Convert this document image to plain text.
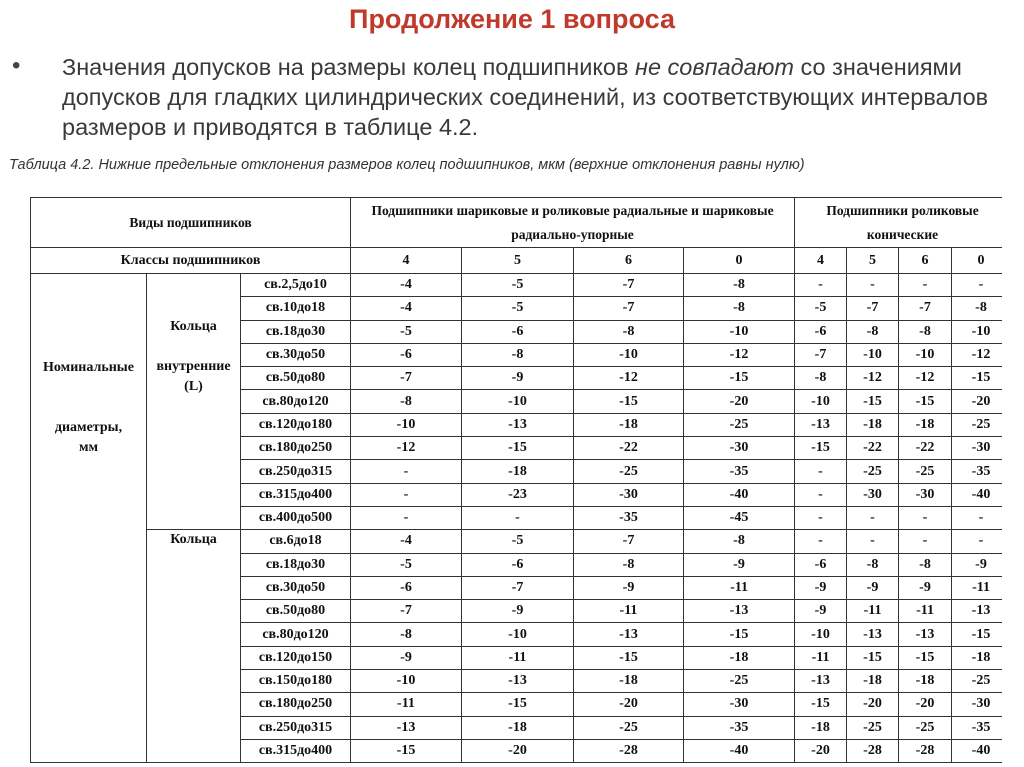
Продолжение 1 вопроса
• Значения допусков на размеры колец подшипников не совпадают со значениями допусков для гладких цилиндрических соединений, из соответствующих интервалов размеров и приводятся в таблице 4.2.
Таблица 4.2. Нижние предельные отклонения размеров колец подшипников, мкм (верхние отклонения равны нулю)
Виды подшипников			Подшипники шариковые и роликовые радиальные и шариковые радиально-упорные				Подшипники роликовые конические			
Классы подшипников			4	5	6	0	4	5	6	0

Номинальные
диаметры,
мм	Кольца
внутренние
(L)	св.2,5до10	-4	-5	-7	-8	-	-	-	-
		св.10до18	-4	-5	-7	-8	-5	-7	-7	-8
		св.18до30	-5	-6	-8	-10	-6	-8	-8	-10
		св.30до50	-6	-8	-10	-12	-7	-10	-10	-12
		св.50до80	-7	-9	-12	-15	-8	-12	-12	-15
		св.80до120	-8	-10	-15	-20	-10	-15	-15	-20
		св.120до180	-10	-13	-18	-25	-13	-18	-18	-25
		св.180до250	-12	-15	-22	-30	-15	-22	-22	-30
		св.250до315	-	-18	-25	-35	-	-25	-25	-35
		св.315до400	-	-23	-30	-40	-	-30	-30	-40
		св.400до500	-	-	-35	-45	-	-	-	-
	Кольца	св.6до18	-4	-5	-7	-8	-	-	-	-
		св.18до30	-5	-6	-8	-9	-6	-8	-8	-9
		св.30до50	-6	-7	-9	-11	-9	-9	-9	-11
		св.50до80	-7	-9	-11	-13	-9	-11	-11	-13
		св.80до120	-8	-10	-13	-15	-10	-13	-13	-15
		св.120до150	-9	-11	-15	-18	-11	-15	-15	-18
		св.150до180	-10	-13	-18	-25	-13	-18	-18	-25
		св.180до250	-11	-15	-20	-30	-15	-20	-20	-30
		св.250до315	-13	-18	-25	-35	-18	-25	-25	-35
		св.315до400	-15	-20	-28	-40	-20	-28	-28	-40
